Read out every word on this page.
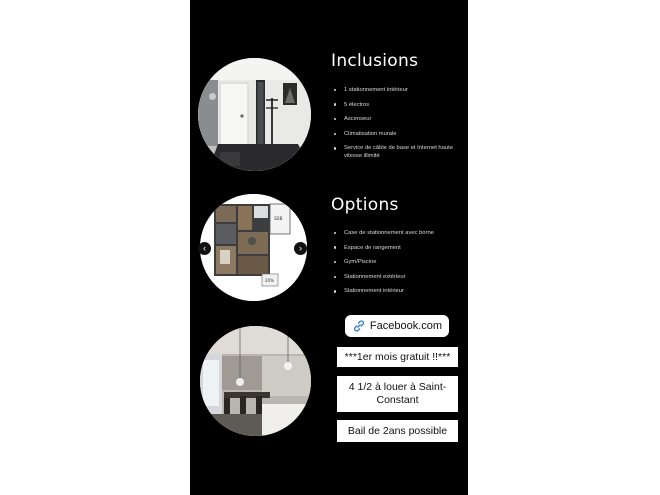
SDB
20%
‹	›
Inclusions
1 stationnement intérieur
5 électros
Ascenseur
Climatisation murale
Service de câble de base et Internet haute vitesse illimité
Options
Case de stationnement avec borne
Espace de rangement
Gym/Piscine
Stationnement extérieur
Stationnement intérieur
Facebook.com
***1er mois gratuit !!***
4 1/2 à louer à Saint-Constant
Bail de 2ans possible
